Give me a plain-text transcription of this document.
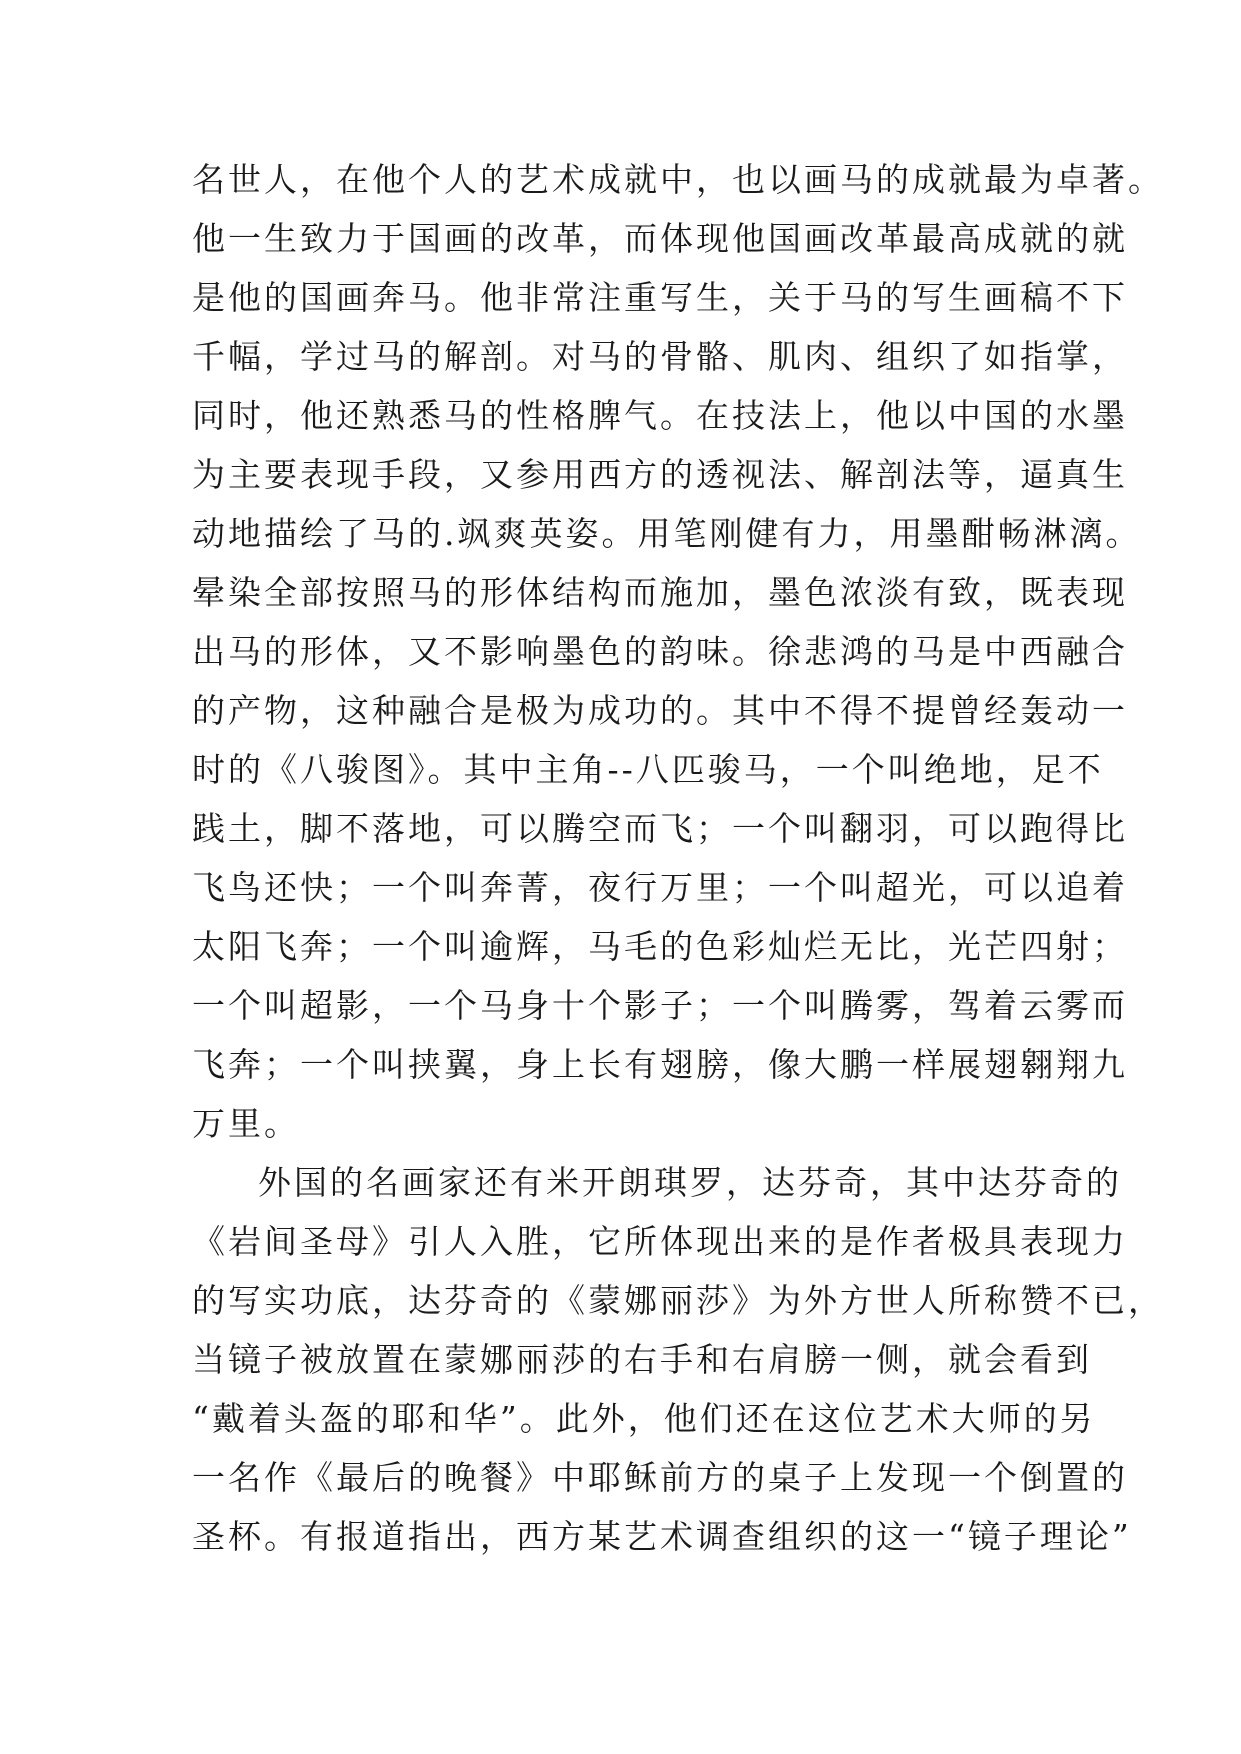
名世人，在他个人的艺术成就中，也以画马的成就最为卓著。
他一生致力于国画的改革，而体现他国画改革最高成就的就
是他的国画奔马。他非常注重写生，关于马的写生画稿不下
千幅，学过马的解剖。对马的骨骼、肌肉、组织了如指掌，
同时，他还熟悉马的性格脾气。在技法上，他以中国的水墨
为主要表现手段，又参用西方的透视法、解剖法等，逼真生
动地描绘了马的.飒爽英姿。用笔刚健有力，用墨酣畅淋漓。
晕染全部按照马的形体结构而施加，墨色浓淡有致，既表现
出马的形体，又不影响墨色的韵味。徐悲鸿的马是中西融合
的产物，这种融合是极为成功的。其中不得不提曾经轰动一
时的《八骏图》。其中主角--八匹骏马，一个叫绝地，足不
践土，脚不落地，可以腾空而飞；一个叫翻羽，可以跑得比
飞鸟还快；一个叫奔菁，夜行万里；一个叫超光，可以追着
太阳飞奔；一个叫逾辉，马毛的色彩灿烂无比，光芒四射；
一个叫超影，一个马身十个影子；一个叫腾雾，驾着云雾而
飞奔；一个叫挟翼，身上长有翅膀，像大鹏一样展翅翱翔九
万里。
外国的名画家还有米开朗琪罗，达芬奇，其中达芬奇的
《岩间圣母》引人入胜，它所体现出来的是作者极具表现力
的写实功底，达芬奇的《蒙娜丽莎》为外方世人所称赞不已，
当镜子被放置在蒙娜丽莎的右手和右肩膀一侧，就会看到
“戴着头盔的耶和华”。此外，他们还在这位艺术大师的另
一名作《最后的晚餐》中耶稣前方的桌子上发现一个倒置的
圣杯。有报道指出，西方某艺术调查组织的这一“镜子理论”
